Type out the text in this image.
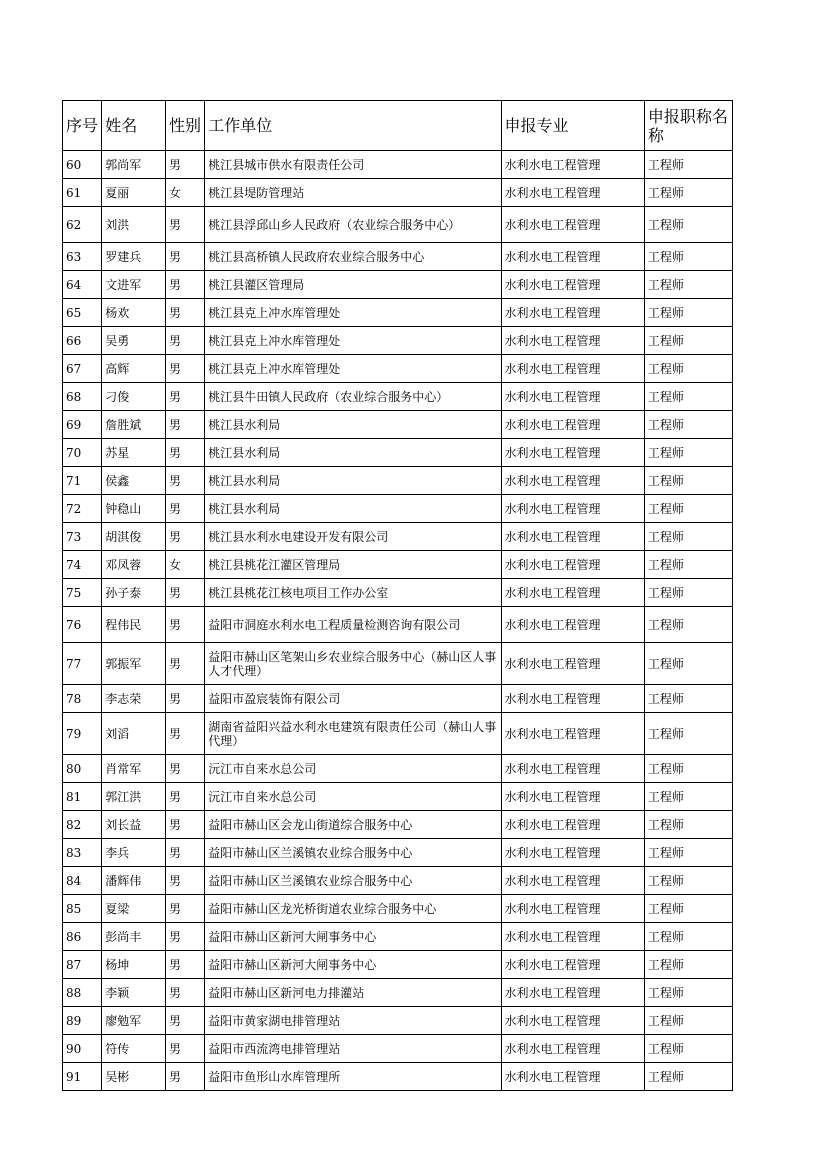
序号	姓名	性别	工作单位	申报专业	申报职称名称
60	郭尚军	男	桃江县城市供水有限责任公司	水利水电工程管理	工程师
61	夏丽	女	桃江县堤防管理站	水利水电工程管理	工程师
62	刘洪	男	桃江县浮邱山乡人民政府（农业综合服务中心）	水利水电工程管理	工程师
63	罗建兵	男	桃江县高桥镇人民政府农业综合服务中心	水利水电工程管理	工程师
64	文进军	男	桃江县灌区管理局	水利水电工程管理	工程师
65	杨欢	男	桃江县克上冲水库管理处	水利水电工程管理	工程师
66	吴勇	男	桃江县克上冲水库管理处	水利水电工程管理	工程师
67	高辉	男	桃江县克上冲水库管理处	水利水电工程管理	工程师
68	刁俊	男	桃江县牛田镇人民政府（农业综合服务中心）	水利水电工程管理	工程师
69	詹胜斌	男	桃江县水利局	水利水电工程管理	工程师
70	苏星	男	桃江县水利局	水利水电工程管理	工程师
71	侯鑫	男	桃江县水利局	水利水电工程管理	工程师
72	钟稳山	男	桃江县水利局	水利水电工程管理	工程师
73	胡淇俊	男	桃江县水利水电建设开发有限公司	水利水电工程管理	工程师
74	邓凤蓉	女	桃江县桃花江灌区管理局	水利水电工程管理	工程师
75	孙子泰	男	桃江县桃花江核电项目工作办公室	水利水电工程管理	工程师
76	程伟民	男	益阳市洞庭水利水电工程质量检测咨询有限公司	水利水电工程管理	工程师
77	郭振军	男	益阳市赫山区笔架山乡农业综合服务中心（赫山区人事人才代理）	水利水电工程管理	工程师
78	李志荣	男	益阳市盈宸装饰有限公司	水利水电工程管理	工程师
79	刘滔	男	湖南省益阳兴益水利水电建筑有限责任公司（赫山人事代理）	水利水电工程管理	工程师
80	肖常军	男	沅江市自来水总公司	水利水电工程管理	工程师
81	郭江洪	男	沅江市自来水总公司	水利水电工程管理	工程师
82	刘长益	男	益阳市赫山区会龙山街道综合服务中心	水利水电工程管理	工程师
83	李兵	男	益阳市赫山区兰溪镇农业综合服务中心	水利水电工程管理	工程师
84	潘辉伟	男	益阳市赫山区兰溪镇农业综合服务中心	水利水电工程管理	工程师
85	夏梁	男	益阳市赫山区龙光桥街道农业综合服务中心	水利水电工程管理	工程师
86	彭尚丰	男	益阳市赫山区新河大闸事务中心	水利水电工程管理	工程师
87	杨坤	男	益阳市赫山区新河大闸事务中心	水利水电工程管理	工程师
88	李颖	男	益阳市赫山区新河电力排灌站	水利水电工程管理	工程师
89	廖勉军	男	益阳市黄家湖电排管理站	水利水电工程管理	工程师
90	符传	男	益阳市西流湾电排管理站	水利水电工程管理	工程师
91	吴彬	男	益阳市鱼形山水库管理所	水利水电工程管理	工程师
